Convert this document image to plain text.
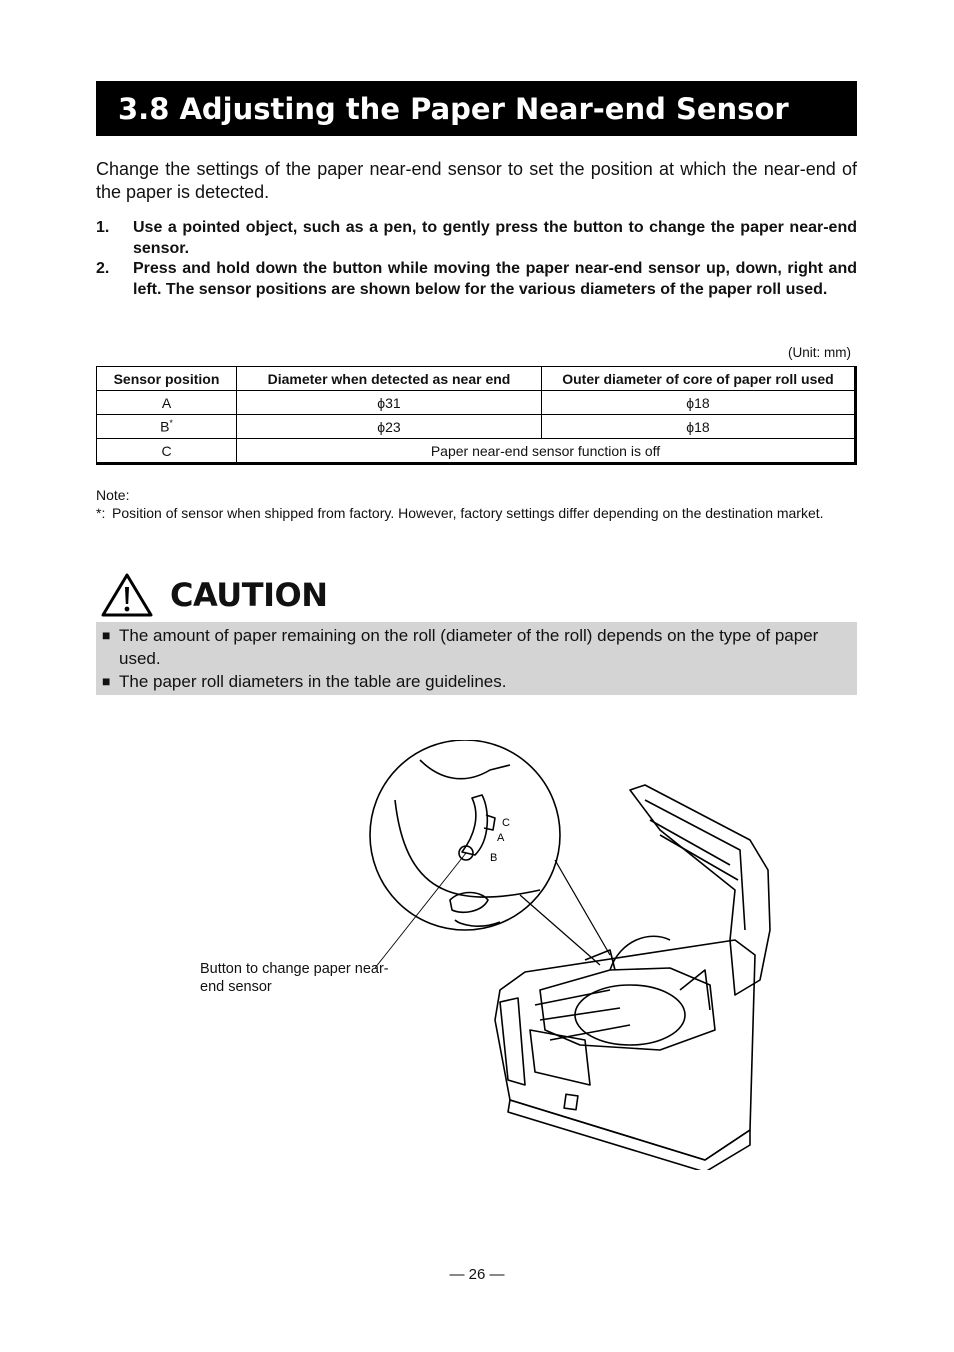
3.8 Adjusting the Paper Near-end Sensor
Change the settings of the paper near-end sensor to set the position at which the near-end of the paper is detected.
1.	Use a pointed object, such as a pen, to gently press the button to change the paper near-end sensor.
2.	Press and hold down the button while moving the paper near-end sensor up, down, right and left. The sensor positions are shown below for the various diameters of the paper roll used.
(Unit: mm)
Sensor position	Diameter when detected as near end	Outer diameter of core of paper roll used
A	ϕ31	ϕ18
B*	ϕ23	ϕ18
C	Paper near-end sensor function is off	
Note:
*: Position of sensor when shipped from factory. However, factory settings differ depending on the destination market.
CAUTION
■ The amount of paper remaining on the roll (diameter of the roll) depends on the type of paper used.
■ The paper roll diameters in the table are guidelines.
C
A
B
Button to change paper near-end sensor
— 26 —
